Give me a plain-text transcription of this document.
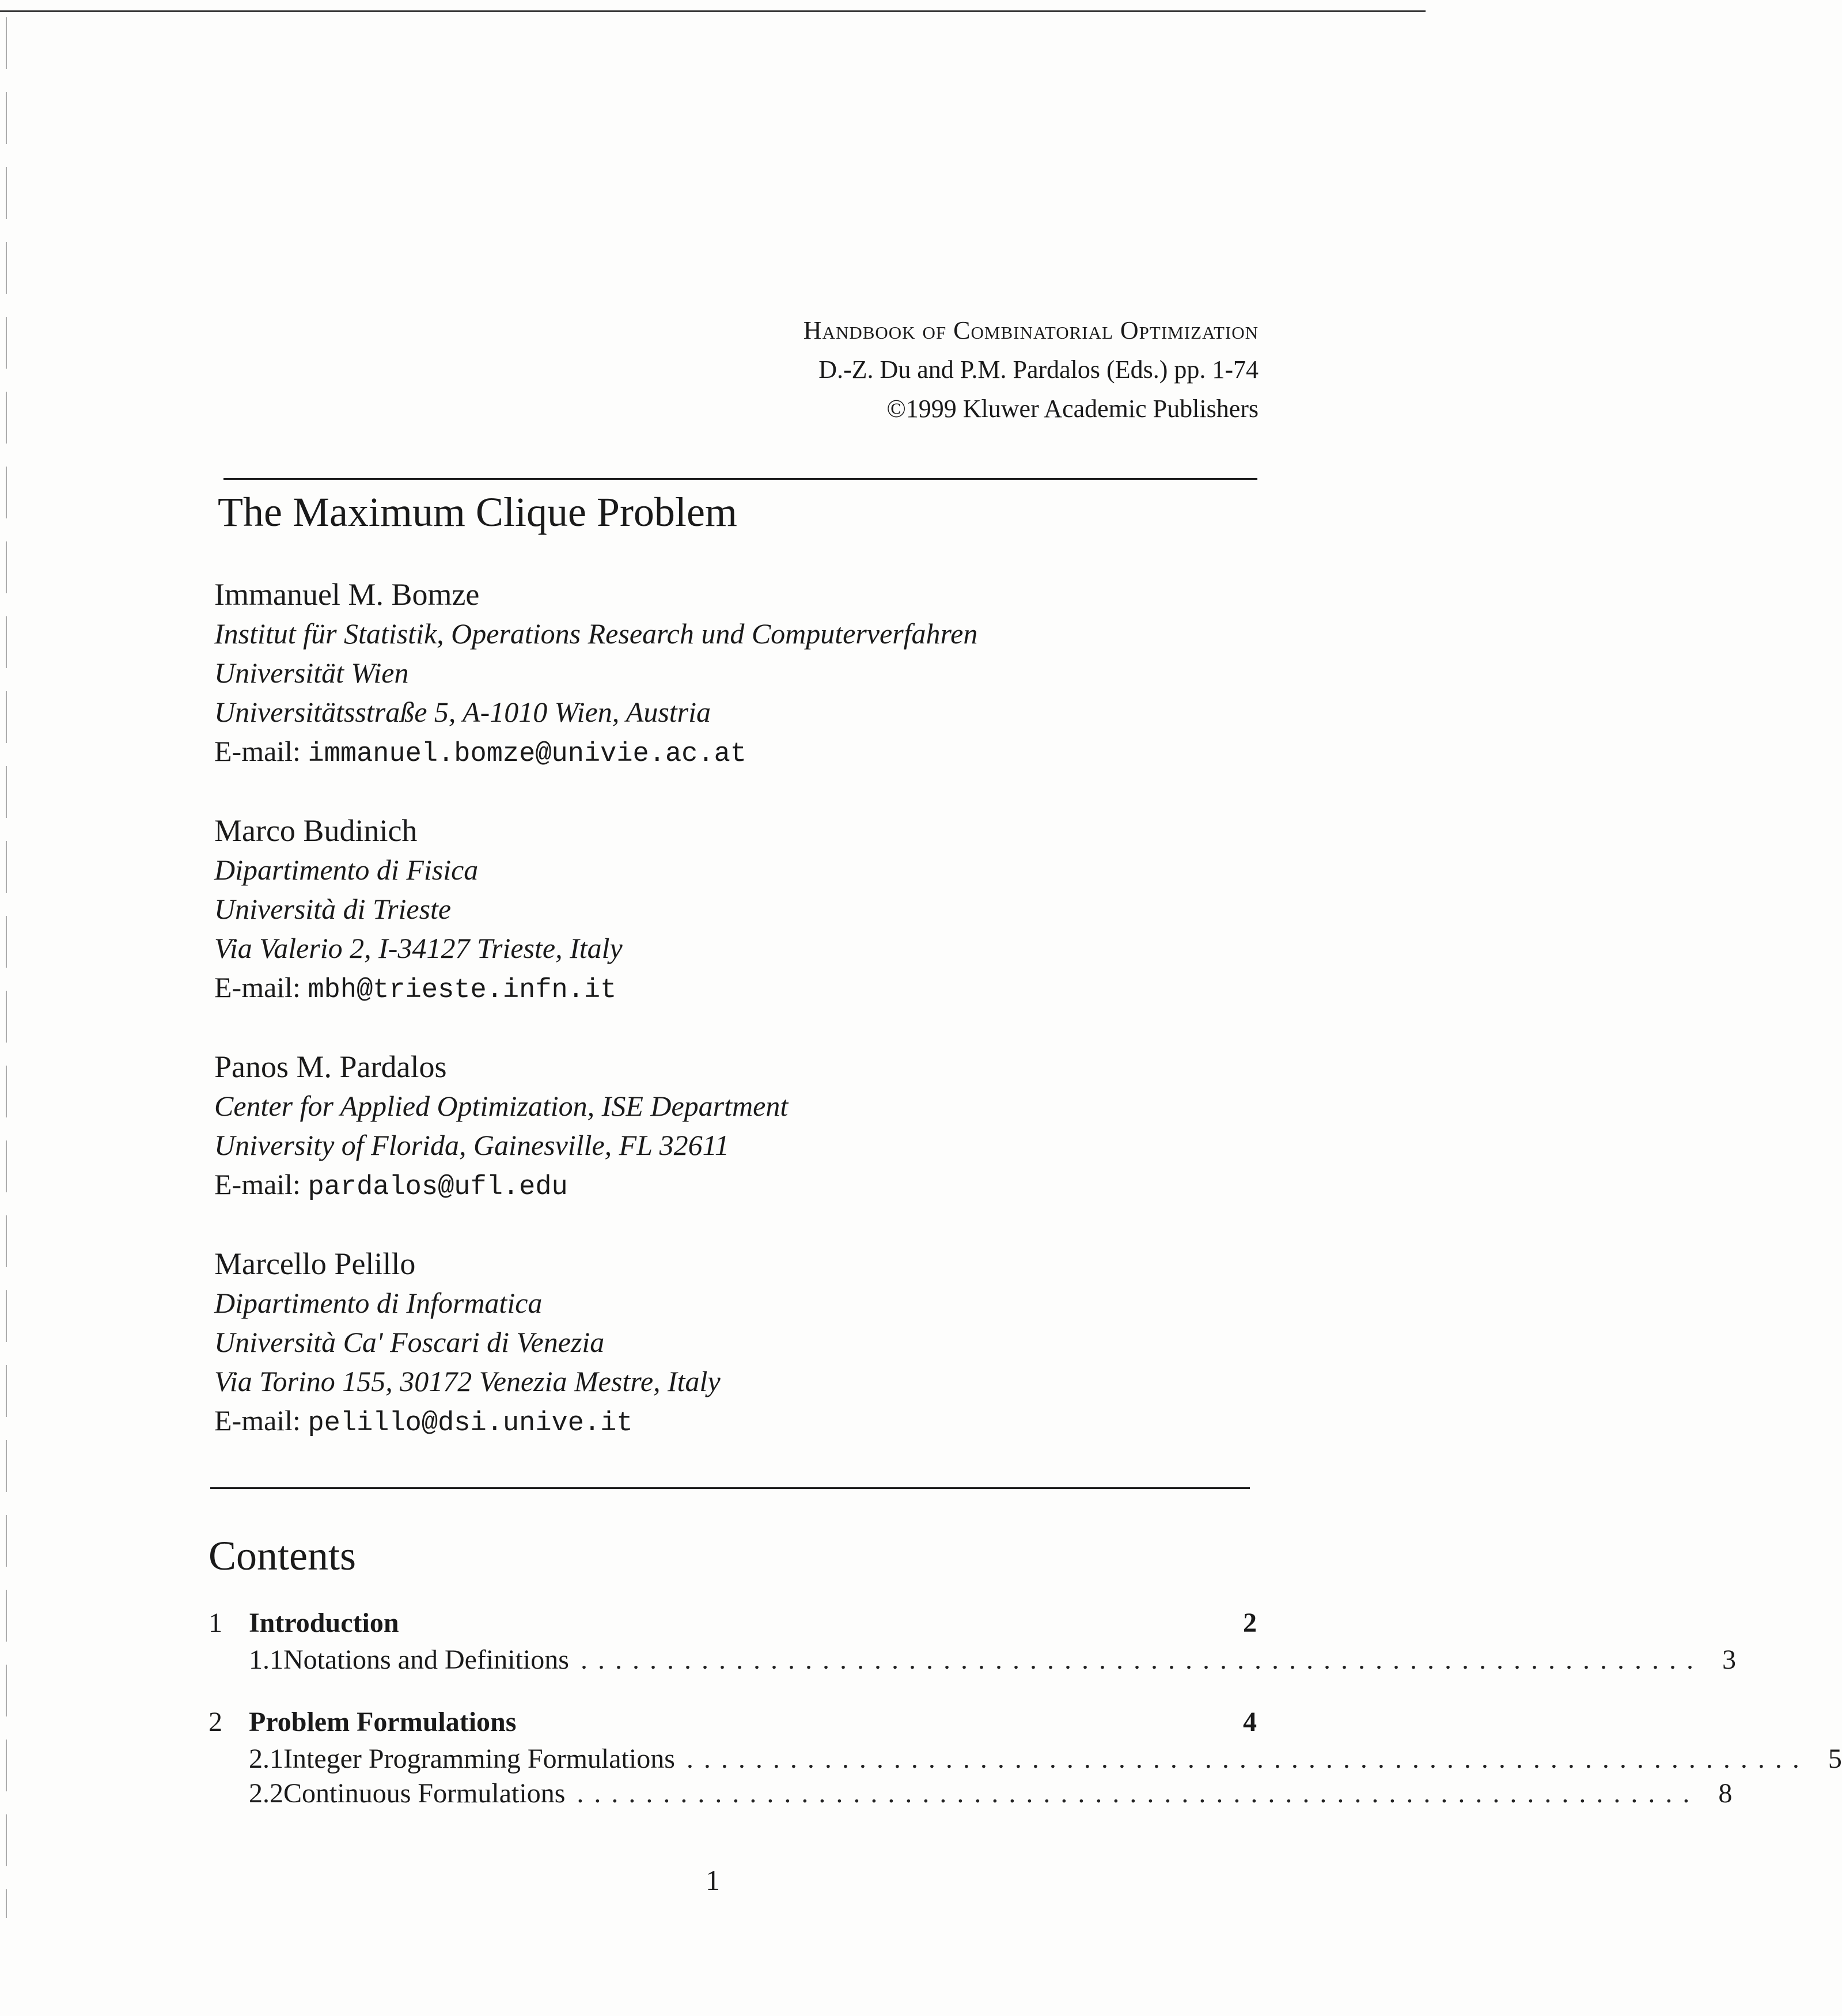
Handbook of Combinatorial Optimization
D.-Z. Du and P.M. Pardalos (Eds.) pp. 1-74
©1999 Kluwer Academic Publishers
The Maximum Clique Problem
Immanuel M. Bomze
Institut für Statistik, Operations Research und Computerverfahren
Universität Wien
Universitätsstraße 5, A-1010 Wien, Austria
E-mail: immanuel.bomze@univie.ac.at
Marco Budinich
Dipartimento di Fisica
Università di Trieste
Via Valerio 2, I-34127 Trieste, Italy
E-mail: mbh@trieste.infn.it
Panos M. Pardalos
Center for Applied Optimization, ISE Department
University of Florida, Gainesville, FL 32611
E-mail: pardalos@ufl.edu
Marcello Pelillo
Dipartimento di Informatica
Università Ca' Foscari di Venezia
Via Torino 155, 30172 Venezia Mestre, Italy
E-mail: pelillo@dsi.unive.it
Contents
1 Introduction	2
1.1 Notations and Definitions ................................................................. 3
2 Problem Formulations	4
2.1 Integer Programming Formulations ................................................................. 5
2.2 Continuous Formulations ................................................................. 8
1
